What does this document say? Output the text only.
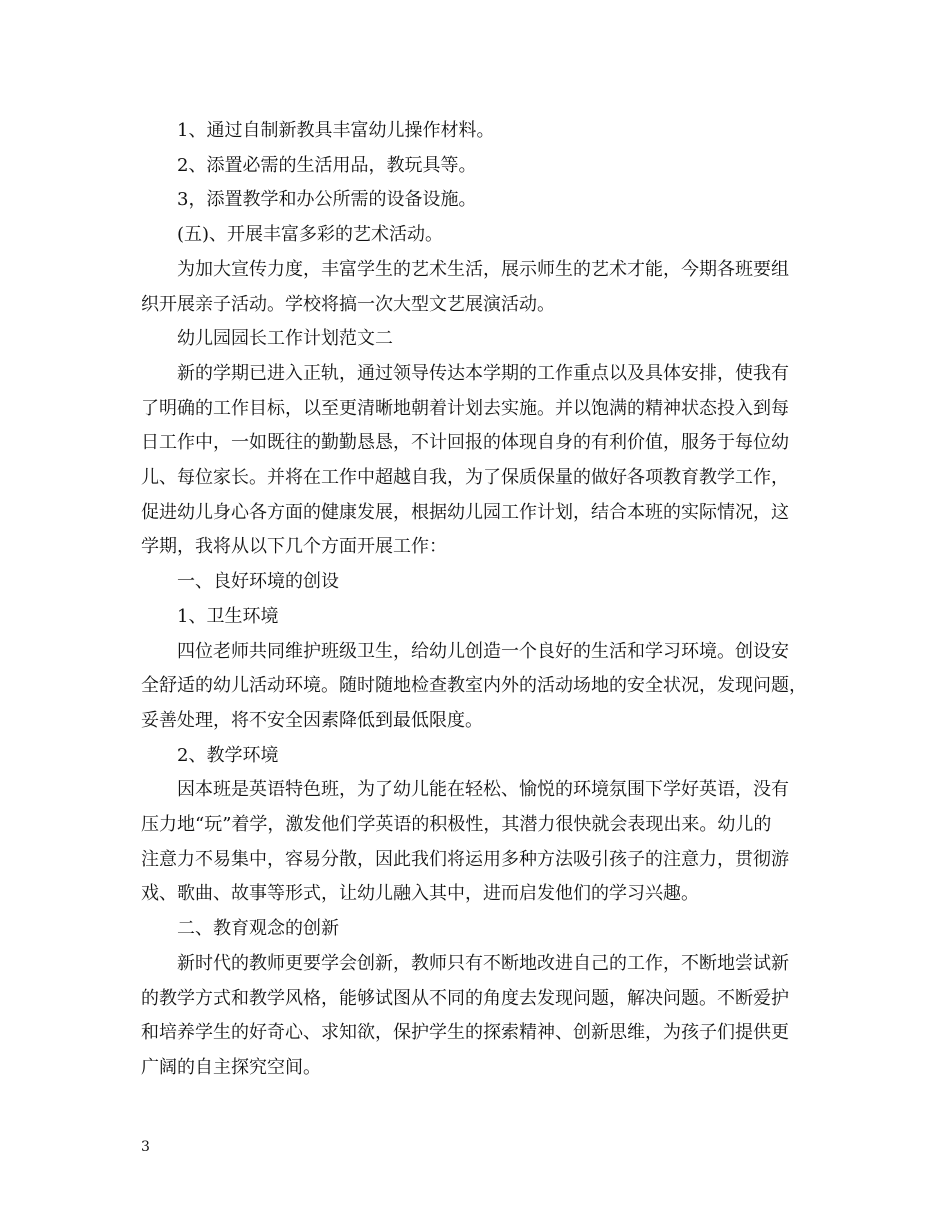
1、通过自制新教具丰富幼儿操作材料。

2、添置必需的生活用品，教玩具等。

3，添置教学和办公所需的设备设施。

(五)、开展丰富多彩的艺术活动。

为加大宣传力度，丰富学生的艺术生活，展示师生的艺术才能，今期各班要组
织开展亲子活动。学校将搞一次大型文艺展演活动。

幼儿园园长工作计划范文二

新的学期已进入正轨，通过领导传达本学期的工作重点以及具体安排，使我有
了明确的工作目标，以至更清晰地朝着计划去实施。并以饱满的精神状态投入到每
日工作中，一如既往的勤勤恳恳，不计回报的体现自身的有利价值，服务于每位幼
儿、每位家长。并将在工作中超越自我，为了保质保量的做好各项教育教学工作，
促进幼儿身心各方面的健康发展，根据幼儿园工作计划，结合本班的实际情况，这
学期，我将从以下几个方面开展工作：

一、良好环境的创设

1、卫生环境

四位老师共同维护班级卫生，给幼儿创造一个良好的生活和学习环境。创设安
全舒适的幼儿活动环境。随时随地检查教室内外的活动场地的安全状况，发现问题，
妥善处理，将不安全因素降低到最低限度。

2、教学环境

因本班是英语特色班，为了幼儿能在轻松、愉悦的环境氛围下学好英语，没有
压力地“玩”着学，激发他们学英语的积极性，其潜力很快就会表现出来。幼儿的
注意力不易集中，容易分散，因此我们将运用多种方法吸引孩子的注意力，贯彻游
戏、歌曲、故事等形式，让幼儿融入其中，进而启发他们的学习兴趣。

二、教育观念的创新

新时代的教师更要学会创新，教师只有不断地改进自己的工作，不断地尝试新
的教学方式和教学风格，能够试图从不同的角度去发现问题，解决问题。不断爱护
和培养学生的好奇心、求知欲，保护学生的探索精神、创新思维，为孩子们提供更
广阔的自主探究空间。

3
